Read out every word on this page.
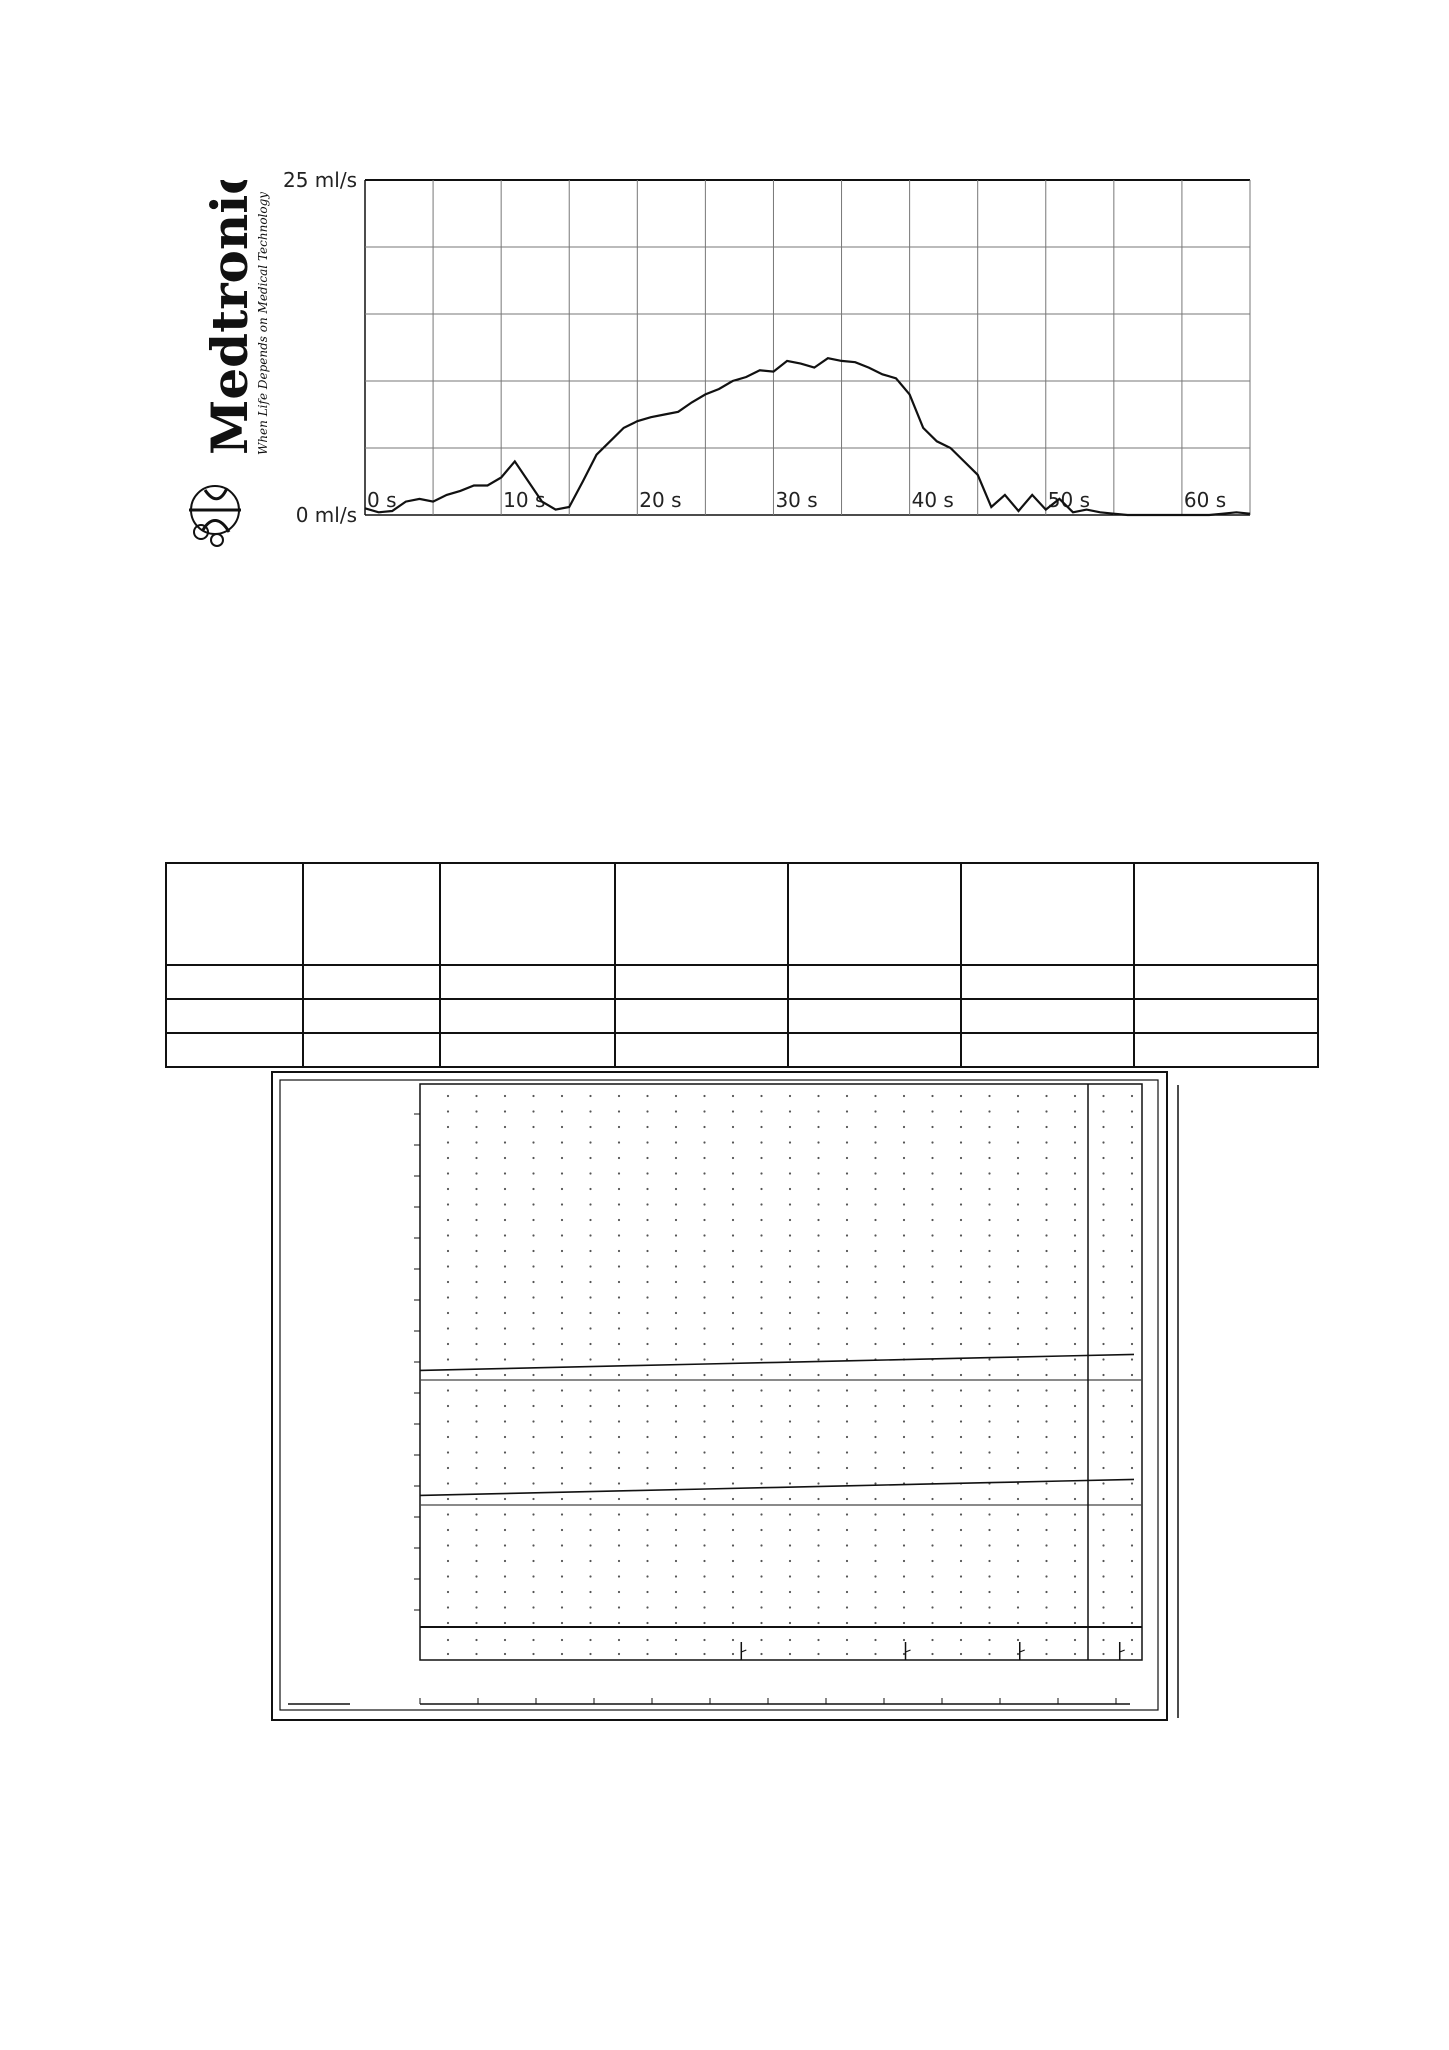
Medtronic
When Life Depends on Medical Technology
25 ml/s
0 ml/s
0 s	10 s	20 s	30 s	40 s	50 s	60 s
